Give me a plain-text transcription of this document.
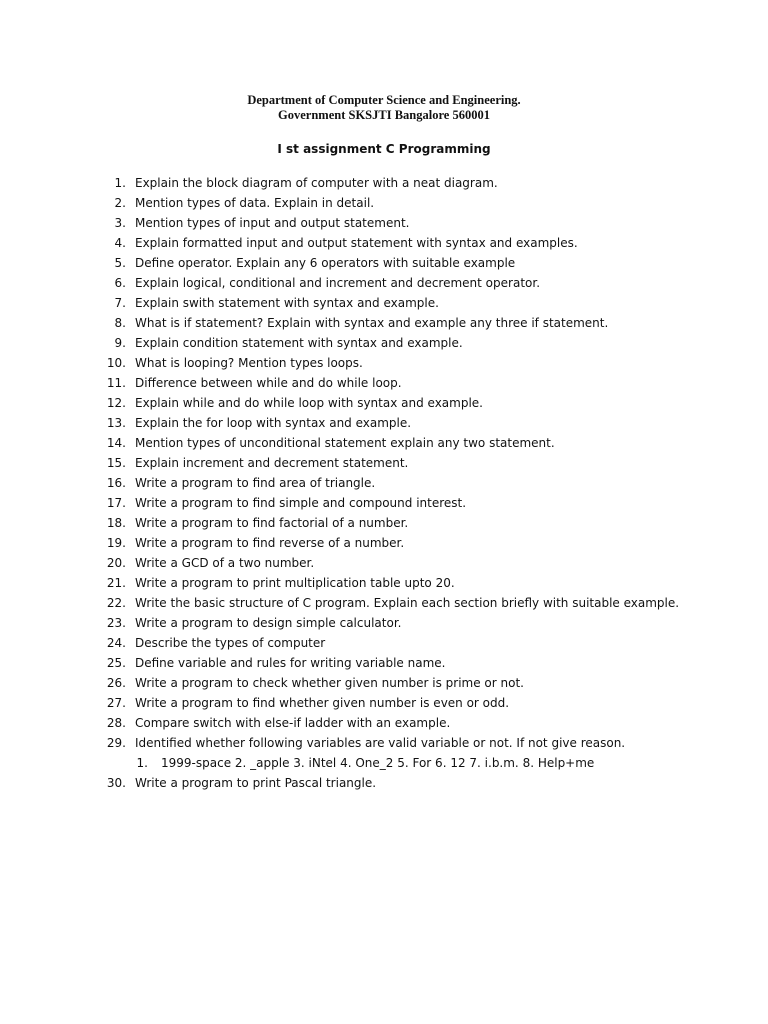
Department of Computer Science and Engineering.
Government SKSJTI Bangalore 560001
I st assignment C Programming
1. Explain the block diagram of computer with a neat diagram.
2. Mention types of data. Explain in detail.
3. Mention types of input and output statement.
4. Explain formatted input and output statement with syntax and examples.
5. Define operator. Explain any 6 operators with suitable example
6. Explain logical, conditional and increment and decrement operator.
7. Explain swith statement with syntax and example.
8. What is if statement? Explain with syntax and example any three if statement.
9. Explain condition statement with syntax and example.
10. What is looping? Mention types loops.
11. Difference between while and do while loop.
12. Explain while and do while loop with syntax and example.
13. Explain the for loop with syntax and example.
14. Mention types of unconditional statement explain any two statement.
15. Explain increment and decrement statement.
16. Write a program to find area of triangle.
17. Write a program to find simple and compound interest.
18. Write a program to find factorial of a number.
19. Write a program to find reverse of a number.
20. Write a GCD of a two number.
21. Write a program to print multiplication table upto 20.
22. Write the basic structure of C program. Explain each section briefly with suitable example.
23. Write a program to design simple calculator.
24. Describe the types of computer
25. Define variable and rules for writing variable name.
26. Write a program to check whether given number is prime or not.
27. Write a program to find whether given number is even or odd.
28. Compare switch with else-if ladder with an example.
29. Identified whether following variables are valid variable or not. If not give reason.
1. 1999-space 2. _apple 3. iNtel 4. One_2 5. For 6. 12 7. i.b.m. 8. Help+me
30. Write a program to print Pascal triangle.
